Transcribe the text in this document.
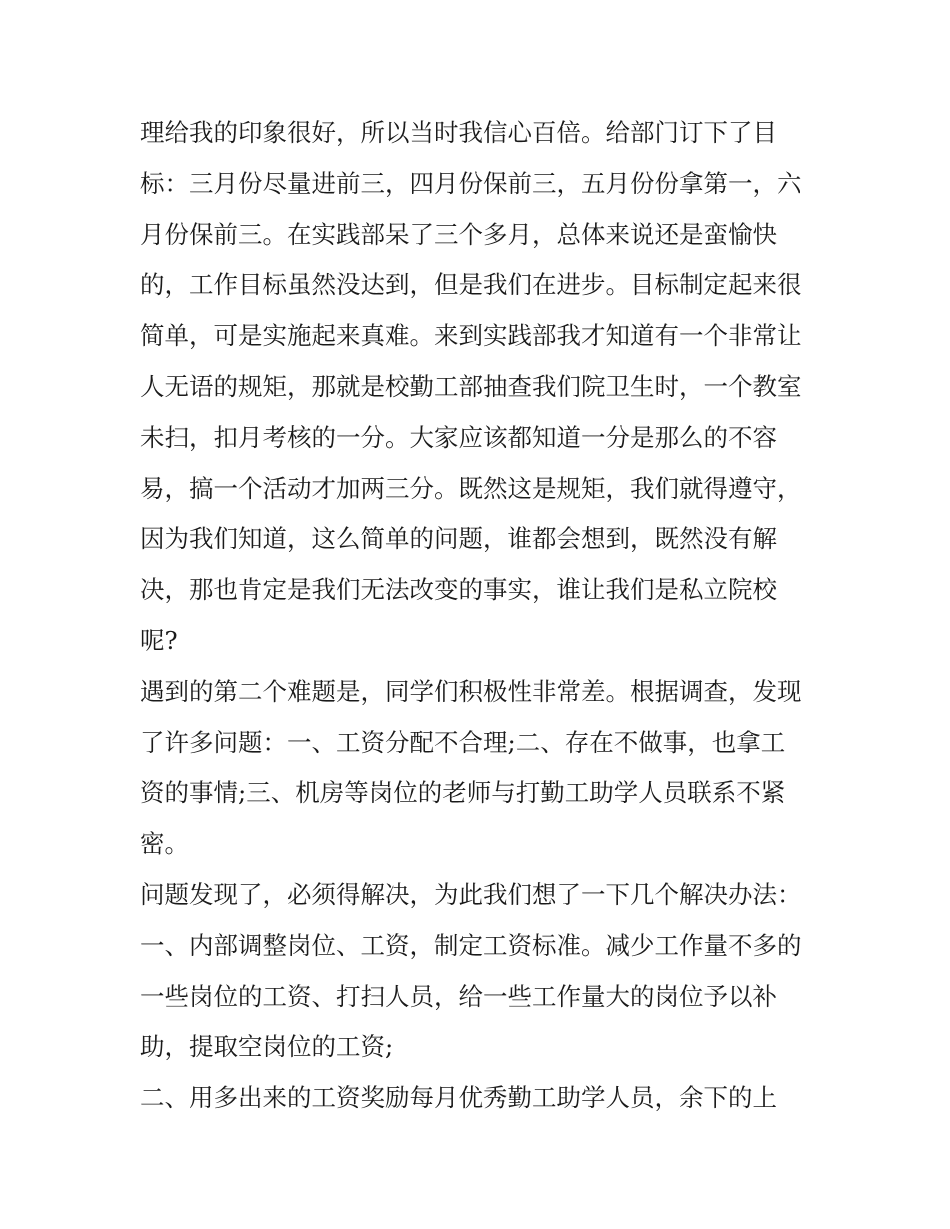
理给我的印象很好，所以当时我信心百倍。给部门订下了目
标：三月份尽量进前三，四月份保前三，五月份份拿第一，六
月份保前三。在实践部呆了三个多月，总体来说还是蛮愉快
的，工作目标虽然没达到，但是我们在进步。目标制定起来很
简单，可是实施起来真难。来到实践部我才知道有一个非常让
人无语的规矩，那就是校勤工部抽查我们院卫生时，一个教室
未扫，扣月考核的一分。大家应该都知道一分是那么的不容
易，搞一个活动才加两三分。既然这是规矩，我们就得遵守，
因为我们知道，这么简单的问题，谁都会想到，既然没有解
决，那也肯定是我们无法改变的事实，谁让我们是私立院校
呢?
遇到的第二个难题是，同学们积极性非常差。根据调查，发现
了许多问题：一、工资分配不合理;二、存在不做事，也拿工
资的事情;三、机房等岗位的老师与打勤工助学人员联系不紧
密。
问题发现了，必须得解决，为此我们想了一下几个解决办法：
一、内部调整岗位、工资，制定工资标准。减少工作量不多的
一些岗位的工资、打扫人员，给一些工作量大的岗位予以补
助，提取空岗位的工资;
二、用多出来的工资奖励每月优秀勤工助学人员，余下的上
